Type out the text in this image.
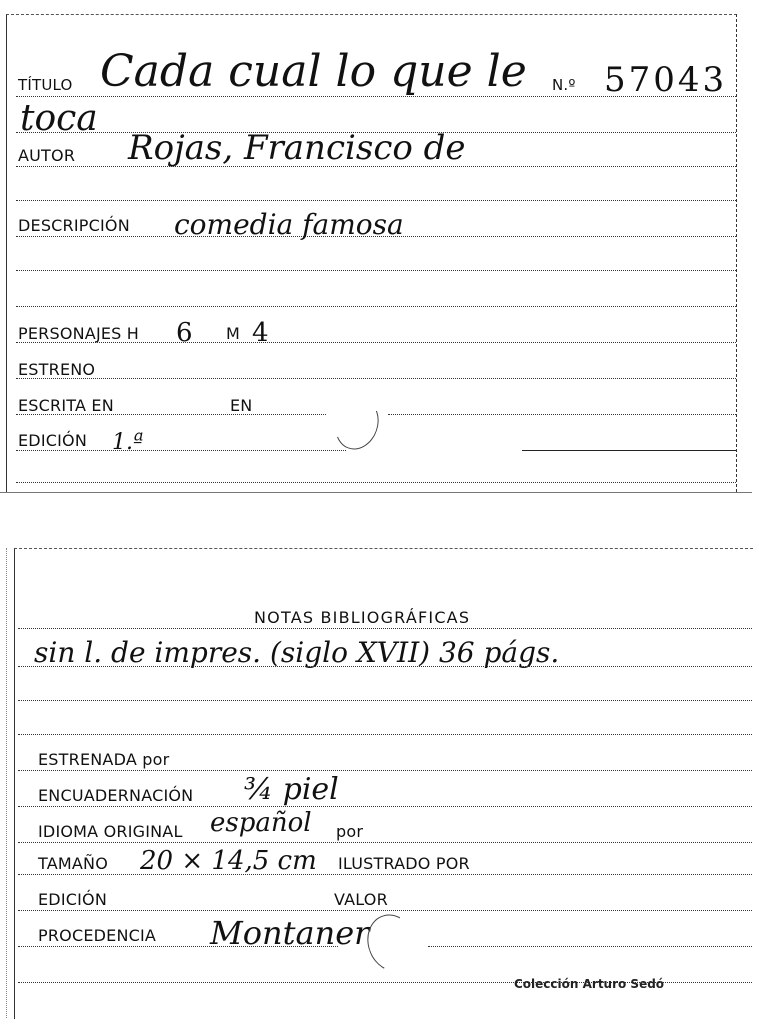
TÍTULO Cada cual lo que le N.º 57043
toca
AUTOR Rojas, Francisco de
DESCRIPCIÓN comedia famosa
PERSONAJES H 6 M 4
ESTRENO
ESCRITA EN	EN
EDICIÓN 1.ª
NOTAS BIBLIOGRÁFICAS
sin l. de impres. (siglo XVII) 36 págs.
ESTRENADA por
ENCUADERNACIÓN ¾ piel
IDIOMA ORIGINAL español por
TAMAÑO 20 × 14,5 cm ILUSTRADO POR
EDICIÓN	VALOR
PROCEDENCIA Montaner
Colección Arturo Sedó
